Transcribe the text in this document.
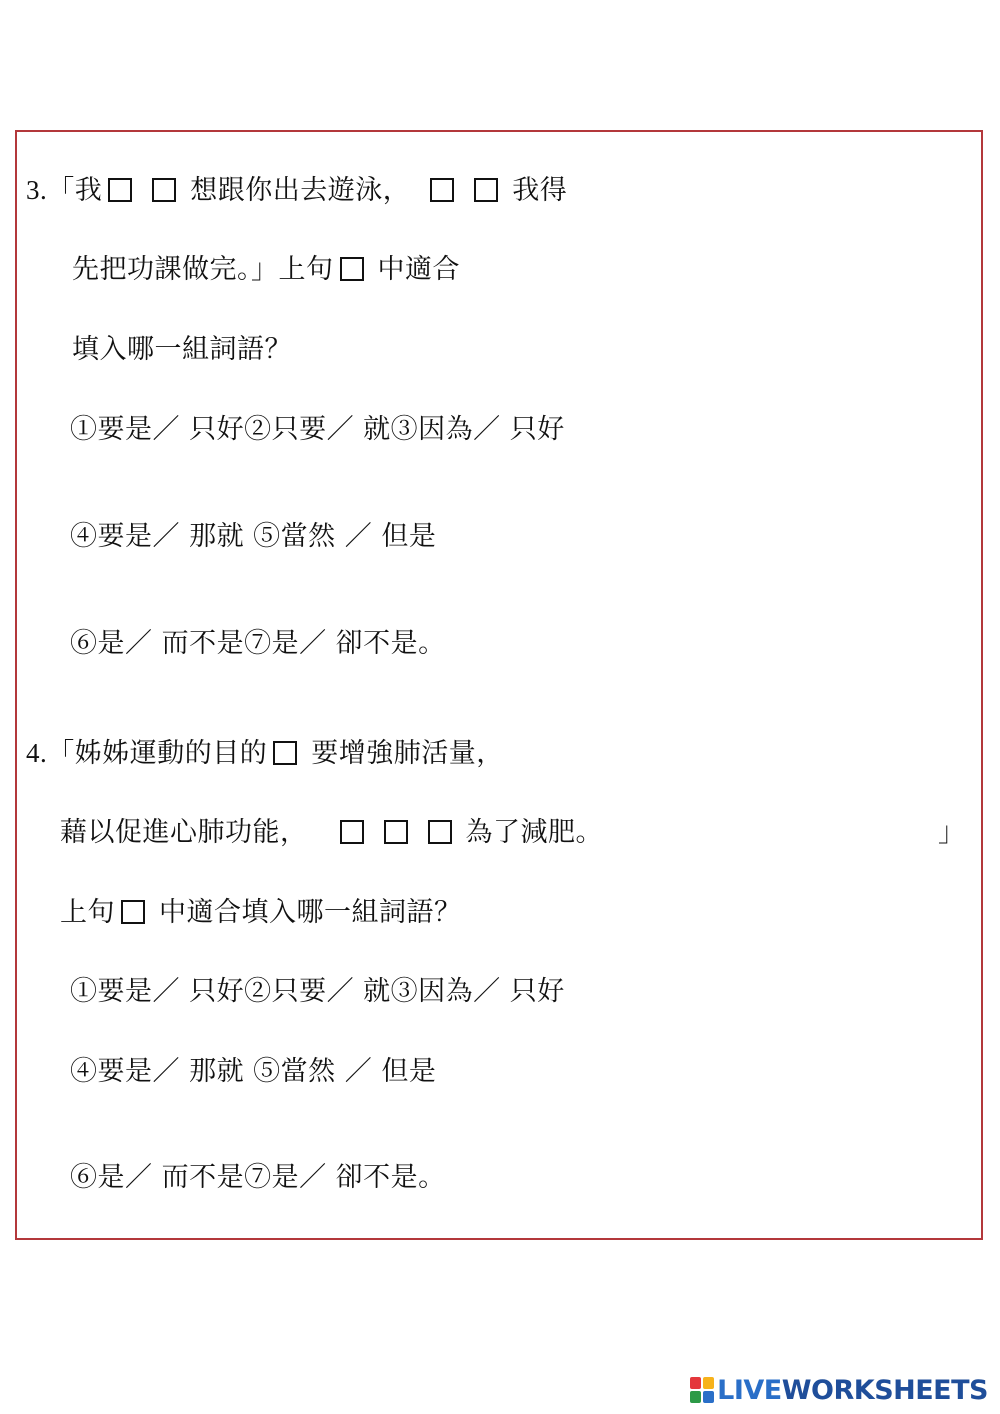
3.「我	想跟你出去遊泳，	我得
先把功課做完。」上句 中適合
填入哪一組詞語？
①要是／ 只好②只要／ 就③因為／ 只好
④要是／ 那就 ⑤當然 ／ 但是
⑥是／ 而不是⑦是／ 卻不是。
4.「姊姊運動的目的 要增強肺活量，
藉以促進心肺功能，	為了減肥。	」
上句 中適合填入哪一組詞語？
①要是／ 只好②只要／ 就③因為／ 只好
④要是／ 那就 ⑤當然 ／ 但是
⑥是／ 而不是⑦是／ 卻不是。
LIVEWORKSHEETS
